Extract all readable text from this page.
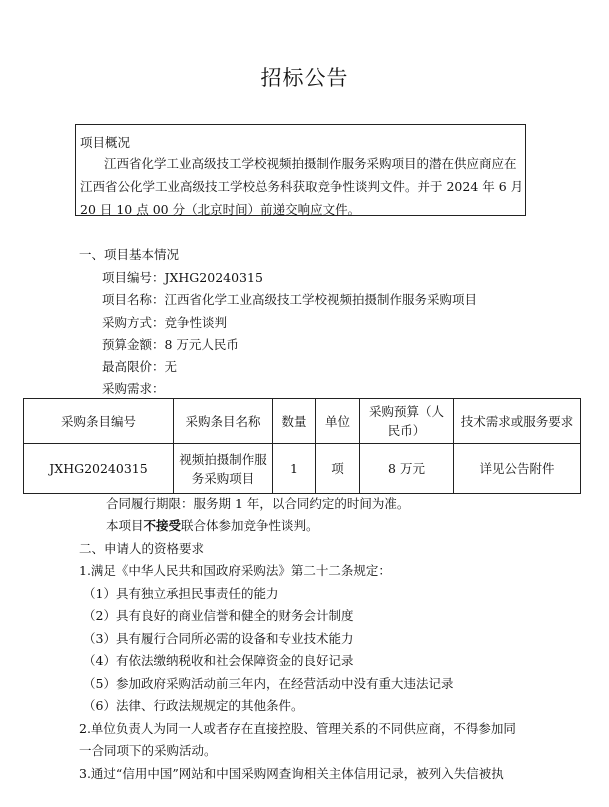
招标公告
项目概况
江西省化学工业高级技工学校视频拍摄制作服务采购项目的潜在供应商应在
江西省公化学工业高级技工学校总务科获取竞争性谈判文件。并于 2024 年 6 月
20 日 10 点 00 分（北京时间）前递交响应文件。
一、项目基本情况
项目编号：JXHG20240315
项目名称：江西省化学工业高级技工学校视频拍摄制作服务采购项目
采购方式：竞争性谈判
预算金额：8 万元人民币
最高限价：无
采购需求：
采购条目编号	采购条目名称	数量	单位	采购预算（人民币）	技术需求或服务要求
JXHG20240315	视频拍摄制作服务采购项目	1	项	8 万元	详见公告附件
合同履行期限：服务期 1 年，以合同约定的时间为准。
本项目不接受联合体参加竞争性谈判。
二、申请人的资格要求
1.满足《中华人民共和国政府采购法》第二十二条规定：
（1）具有独立承担民事责任的能力
（2）具有良好的商业信誉和健全的财务会计制度
（3）具有履行合同所必需的设备和专业技术能力
（4）有依法缴纳税收和社会保障资金的良好记录
（5）参加政府采购活动前三年内，在经营活动中没有重大违法记录
（6）法律、行政法规规定的其他条件。
2.单位负责人为同一人或者存在直接控股、管理关系的不同供应商，不得参加同
一合同项下的采购活动。
3.通过“信用中国”网站和中国采购网查询相关主体信用记录，被列入失信被执
